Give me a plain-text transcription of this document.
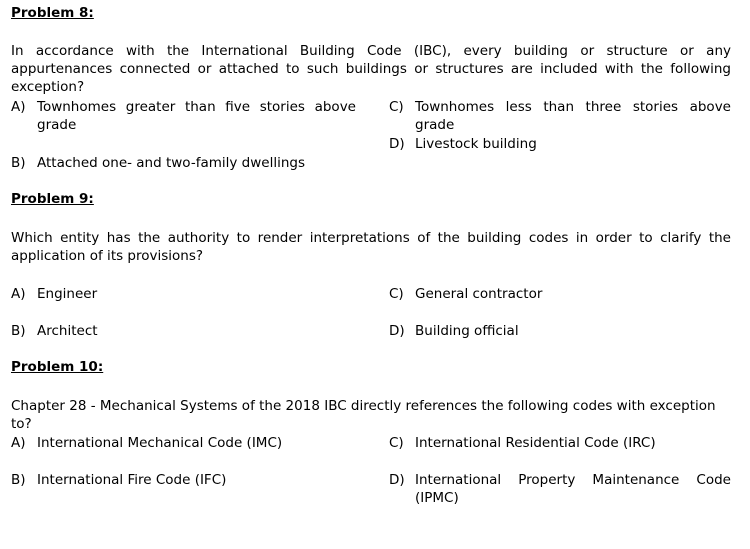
Problem 8:
In accordance with the International Building Code (IBC), every building or structure or any appurtenances connected or attached to such buildings or structures are included with the following exception?
A) Townhomes greater than five stories above grade
C) Townhomes less than three stories above grade
D) Livestock building
B) Attached one- and two-family dwellings
Problem 9:
Which entity has the authority to render interpretations of the building codes in order to clarify the application of its provisions?
A) Engineer	C) General contractor
B) Architect	D) Building official
Problem 10:
Chapter 28 - Mechanical Systems of the 2018 IBC directly references the following codes with exception to?
A) International Mechanical Code (IMC)	C) International Residential Code (IRC)
B) International Fire Code (IFC)	D) International Property Maintenance Code (IPMC)
